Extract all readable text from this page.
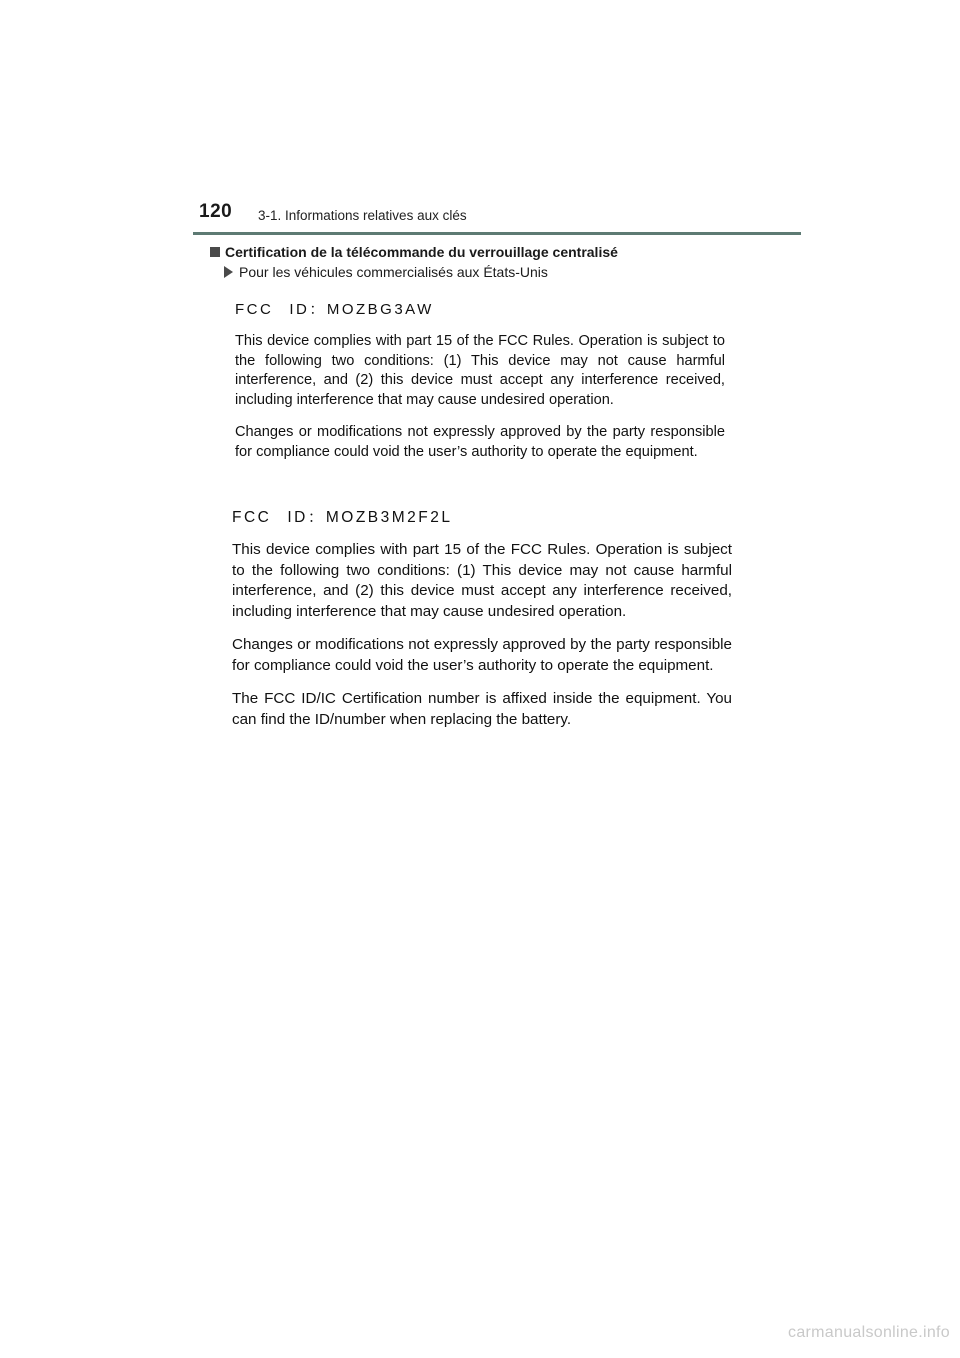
120 3-1. Informations relatives aux clés
Certification de la télécommande du verrouillage centralisé
Pour les véhicules commercialisés aux États-Unis
FCC ID：MOZBG3AW
This device complies with part 15 of the FCC Rules. Operation is subject to the following two conditions: (1) This device may not cause harmful interference, and (2) this device must accept any interference received, including interference that may cause undesired operation.
Changes or modifications not expressly approved by the party responsible for compliance could void the user’s authority to operate the equipment.
FCC ID：MOZB3M2F2L
This device complies with part 15 of the FCC Rules. Operation is subject to the following two conditions: (1) This device may not cause harmful interference, and (2) this device must accept any interference received, including interference that may cause undesired operation.
Changes or modifications not expressly approved by the party responsible for compliance could void the user’s authority to operate the equipment.
The FCC ID/IC Certification number is affixed inside the equipment. You can find the ID/number when replacing the battery.
carmanualsonline.info
